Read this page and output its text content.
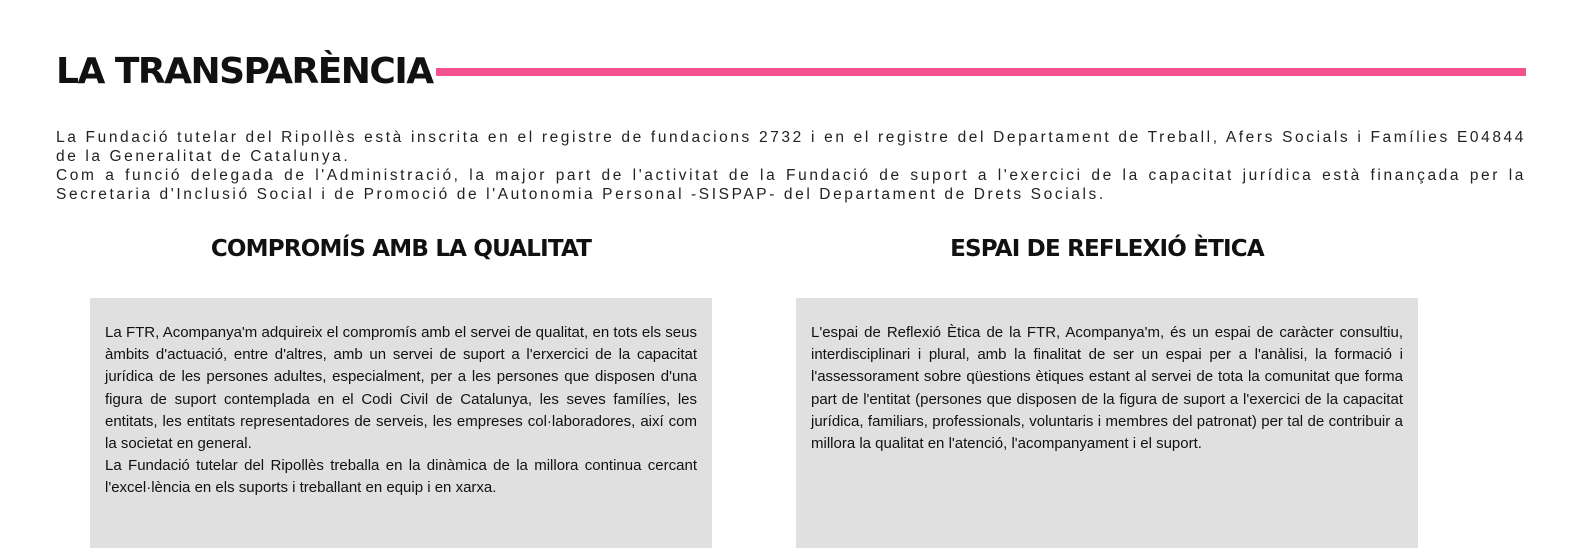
LA TRANSPARÈNCIA

La Fundació tutelar del Ripollès està inscrita en el registre de fundacions 2732 i en el registre del Departament de Treball, Afers Socials i Famílies E04844 de la Generalitat de Catalunya.

Com a funció delegada de l'Administració, la major part de l'activitat de la Fundació de suport a l'exercici de la capacitat jurídica està finançada per la Secretaria d'Inclusió Social i de Promoció de l'Autonomia Personal -SISPAP- del Departament de Drets Socials.

COMPROMÍS AMB LA QUALITAT	ESPAI DE REFLEXIÓ ÈTICA

La FTR, Acompanya'm adquireix el compromís amb el servei de qualitat, en tots els seus àmbits d'actuació, entre d'altres, amb un servei de suport a l'erxercici de la capacitat jurídica de les persones adultes, especialment, per a les persones que disposen d'una figura de suport contemplada en el Codi Civil de Catalunya, les seves famílíes, les entitats, les entitats representadores de serveis, les empreses col·laboradores, així com la societat en general.

La Fundació tutelar del Ripollès treballa en la dinàmica de la millora continua cercant l'excel·lència en els suports i treballant en equip i en xarxa.

L'espai de Reflexió Ètica de la FTR, Acompanya'm, és un espai de caràcter consultiu, interdisciplinari i plural, amb la finalitat de ser un espai per a l'anàlisi, la formació i l'assessorament sobre qüestions ètiques estant al servei de tota la comunitat que forma part de l'entitat (persones que disposen de la figura de suport a l'exercici de la capacitat jurídica, familiars, professionals, voluntaris i membres del patronat) per tal de contribuir a millora la qualitat en l'atenció, l'acompanyament i el suport.
